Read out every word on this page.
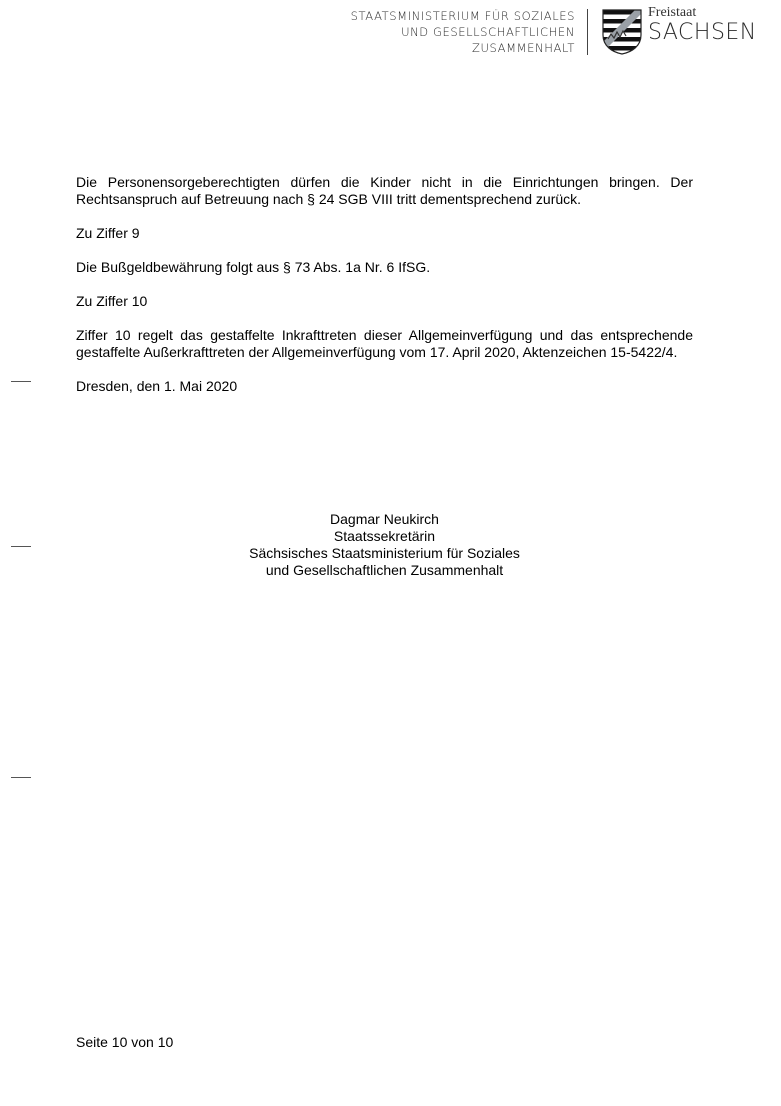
STAATSMINISTERIUM FÜR SOZIALES
UND GESELLSCHAFTLICHEN
ZUSAMMENHALT
Freistaat
SACHSEN

Die Personensorgeberechtigten dürfen die Kinder nicht in die Einrichtungen bringen. Der Rechtsanspruch auf Betreuung nach § 24 SGB VIII tritt dementsprechend zurück.

Zu Ziffer 9

Die Bußgeldbewährung folgt aus § 73 Abs. 1a Nr. 6 IfSG.

Zu Ziffer 10

Ziffer 10 regelt das gestaffelte Inkrafttreten dieser Allgemeinverfügung und das entsprechende gestaffelte Außerkrafttreten der Allgemeinverfügung vom 17. April 2020, Aktenzeichen 15-5422/4.

Dresden, den 1. Mai 2020

Dagmar Neukirch
Staatssekretärin
Sächsisches Staatsministerium für Soziales
und Gesellschaftlichen Zusammenhalt
Seite 10 von 10
